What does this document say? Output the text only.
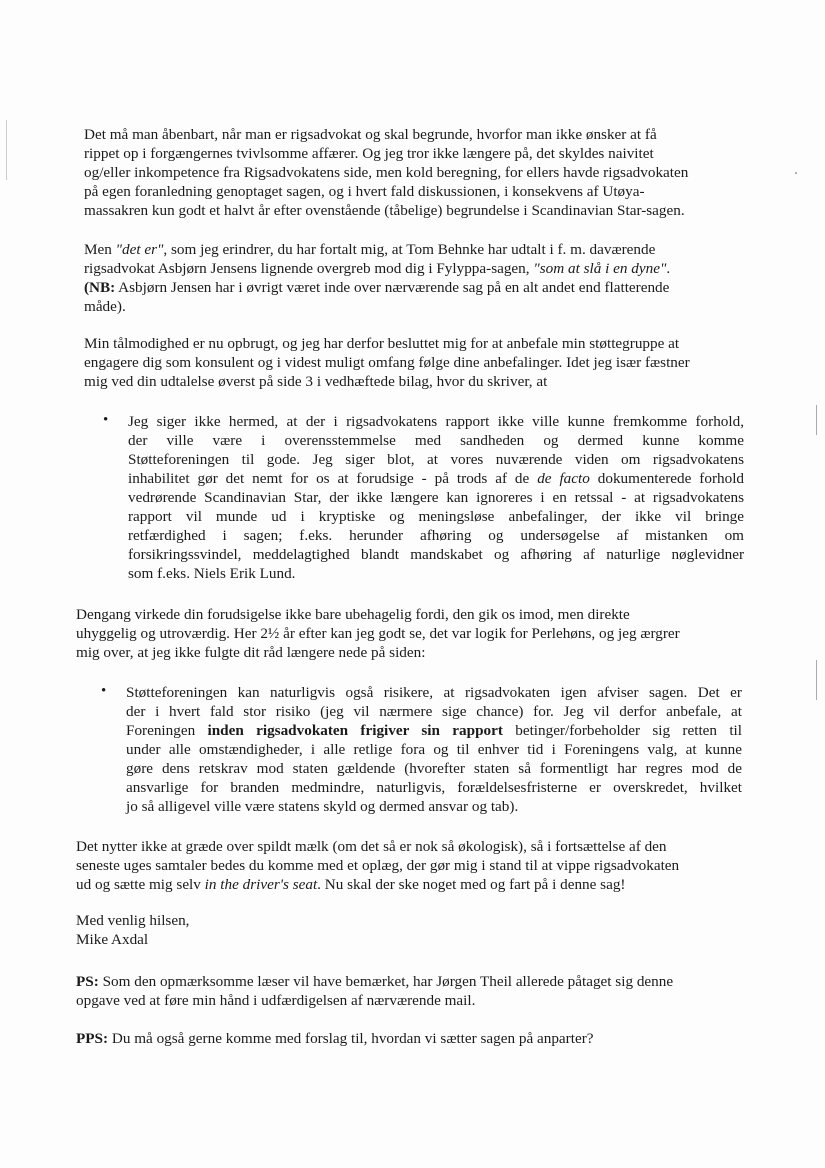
Det må man åbenbart, når man er rigsadvokat og skal begrunde, hvorfor man ikke ønsker at få
rippet op i forgængernes tvivlsomme affærer. Og jeg tror ikke længere på, det skyldes naivitet
og/eller inkompetence fra Rigsadvokatens side, men kold beregning, for ellers havde rigsadvokaten
på egen foranledning genoptaget sagen, og i hvert fald diskussionen, i konsekvens af Utøya-
massakren kun godt et halvt år efter ovenstående (tåbelige) begrundelse i Scandinavian Star-sagen.
Men "det er", som jeg erindrer, du har fortalt mig, at Tom Behnke har udtalt i f. m. daværende
rigsadvokat Asbjørn Jensens lignende overgreb mod dig i Fylyppa-sagen, "som at slå i en dyne".
(NB: Asbjørn Jensen har i øvrigt været inde over nærværende sag på en alt andet end flatterende
måde).
Min tålmodighed er nu opbrugt, og jeg har derfor besluttet mig for at anbefale min støttegruppe at
engagere dig som konsulent og i videst muligt omfang følge dine anbefalinger. Idet jeg især fæstner
mig ved din udtalelse øverst på side 3 i vedhæftede bilag, hvor du skriver, at
• Jeg siger ikke hermed, at der i rigsadvokatens rapport ikke ville kunne fremkomme forhold,
der ville være i overensstemmelse med sandheden og dermed kunne komme
Støtteforeningen til gode. Jeg siger blot, at vores nuværende viden om rigsadvokatens
inhabilitet gør det nemt for os at forudsige - på trods af de de facto dokumenterede forhold
vedrørende Scandinavian Star, der ikke længere kan ignoreres i en retssal - at rigsadvokatens
rapport vil munde ud i kryptiske og meningsløse anbefalinger, der ikke vil bringe
retfærdighed i sagen; f.eks. herunder afhøring og undersøgelse af mistanken om
forsikringssvindel, meddelagtighed blandt mandskabet og afhøring af naturlige nøglevidner
som f.eks. Niels Erik Lund.
Dengang virkede din forudsigelse ikke bare ubehagelig fordi, den gik os imod, men direkte
uhyggelig og utroværdig. Her 2½ år efter kan jeg godt se, det var logik for Perlehøns, og jeg ærgrer
mig over, at jeg ikke fulgte dit råd længere nede på siden:
• Støtteforeningen kan naturligvis også risikere, at rigsadvokaten igen afviser sagen. Det er
der i hvert fald stor risiko (jeg vil nærmere sige chance) for. Jeg vil derfor anbefale, at
Foreningen inden rigsadvokaten frigiver sin rapport betinger/forbeholder sig retten til
under alle omstændigheder, i alle retlige fora og til enhver tid i Foreningens valg, at kunne
gøre dens retskrav mod staten gældende (hvorefter staten så formentligt har regres mod de
ansvarlige for branden medmindre, naturligvis, forældelsesfristerne er overskredet, hvilket
jo så alligevel ville være statens skyld og dermed ansvar og tab).
Det nytter ikke at græde over spildt mælk (om det så er nok så økologisk), så i fortsættelse af den
seneste uges samtaler bedes du komme med et oplæg, der gør mig i stand til at vippe rigsadvokaten
ud og sætte mig selv in the driver's seat. Nu skal der ske noget med og fart på i denne sag!
Med venlig hilsen,
Mike Axdal
PS: Som den opmærksomme læser vil have bemærket, har Jørgen Theil allerede påtaget sig denne
opgave ved at føre min hånd i udfærdigelsen af nærværende mail.
PPS: Du må også gerne komme med forslag til, hvordan vi sætter sagen på anparter?
